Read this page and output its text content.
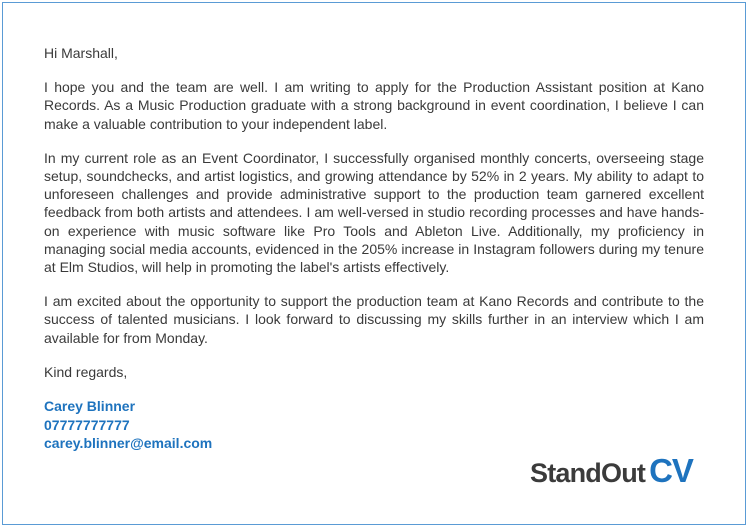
Hi Marshall,

I hope you and the team are well. I am writing to apply for the Production Assistant position at Kano Records. As a Music Production graduate with a strong background in event coordination, I believe I can make a valuable contribution to your independent label.

In my current role as an Event Coordinator, I successfully organised monthly concerts, overseeing stage setup, soundchecks, and artist logistics, and growing attendance by 52% in 2 years. My ability to adapt to unforeseen challenges and provide administrative support to the production team garnered excellent feedback from both artists and attendees. I am well-versed in studio recording processes and have hands-on experience with music software like Pro Tools and Ableton Live. Additionally, my proficiency in managing social media accounts, evidenced in the 205% increase in Instagram followers during my tenure at Elm Studios, will help in promoting the label's artists effectively.

I am excited about the opportunity to support the production team at Kano Records and contribute to the success of talented musicians. I look forward to discussing my skills further in an interview which I am available for from Monday.

Kind regards,

Carey Blinner
07777777777
carey.blinner@email.com
StandOut CV
